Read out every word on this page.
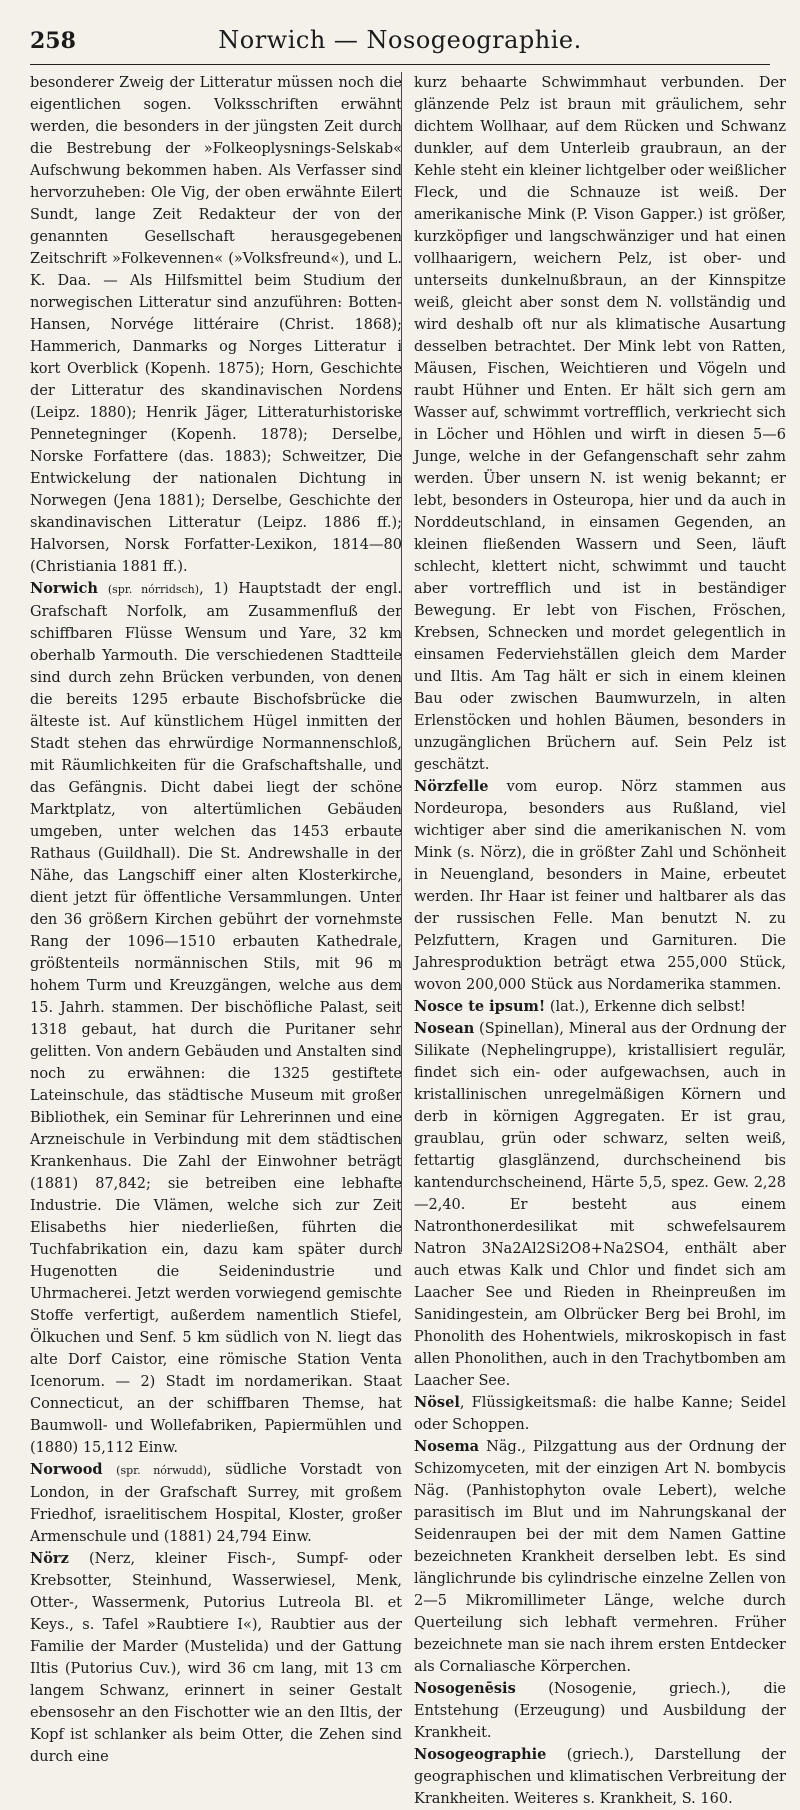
258	Norwich — Nosogeographie.

besonderer Zweig der Litteratur müssen noch die eigentlichen sogen. Volksschriften erwähnt werden, die besonders in der jüngsten Zeit durch die Bestrebung der »Folkeoplysnings-Selskab« Aufschwung bekommen haben. Als Verfasser sind hervorzuheben: Ole Vig, der oben erwähnte Eilert Sundt, lange Zeit Redakteur der von der genannten Gesellschaft herausgegebenen Zeitschrift »Folkevennen« (»Volksfreund«), und L. K. Daa. — Als Hilfsmittel beim Studium der norwegischen Litteratur sind anzuführen: Botten-Hansen, Norvége littéraire (Christ. 1868); Hammerich, Danmarks og Norges Litteratur i kort Overblick (Kopenh. 1875); Horn, Geschichte der Litteratur des skandinavischen Nordens (Leipz. 1880); Henrik Jäger, Litteraturhistoriske Pennetegninger (Kopenh. 1878); Derselbe, Norske Forfattere (das. 1883); Schweitzer, Die Entwickelung der nationalen Dichtung in Norwegen (Jena 1881); Derselbe, Geschichte der skandinavischen Litteratur (Leipz. 1886 ff.); Halvorsen, Norsk Forfatter-Lexikon, 1814—80 (Christiania 1881 ff.).

Norwich (spr. nórridsch), 1) Hauptstadt der engl. Grafschaft Norfolk, am Zusammenfluß der schiffbaren Flüsse Wensum und Yare, 32 km oberhalb Yarmouth. Die verschiedenen Stadtteile sind durch zehn Brücken verbunden, von denen die bereits 1295 erbaute Bischofsbrücke die älteste ist. Auf künstlichem Hügel inmitten der Stadt stehen das ehrwürdige Normannenschloß, mit Räumlichkeiten für die Grafschaftshalle, und das Gefängnis. Dicht dabei liegt der schöne Marktplatz, von altertümlichen Gebäuden umgeben, unter welchen das 1453 erbaute Rathaus (Guildhall). Die St. Andrewshalle in der Nähe, das Langschiff einer alten Klosterkirche, dient jetzt für öffentliche Versammlungen. Unter den 36 größern Kirchen gebührt der vornehmste Rang der 1096—1510 erbauten Kathedrale, größtenteils normännischen Stils, mit 96 m hohem Turm und Kreuzgängen, welche aus dem 15. Jahrh. stammen. Der bischöfliche Palast, seit 1318 gebaut, hat durch die Puritaner sehr gelitten. Von andern Gebäuden und Anstalten sind noch zu erwähnen: die 1325 gestiftete Lateinschule, das städtische Museum mit großer Bibliothek, ein Seminar für Lehrerinnen und eine Arzneischule in Verbindung mit dem städtischen Krankenhaus. Die Zahl der Einwohner beträgt (1881) 87,842; sie betreiben eine lebhafte Industrie. Die Vlämen, welche sich zur Zeit Elisabeths hier niederließen, führten die Tuchfabrikation ein, dazu kam später durch Hugenotten die Seidenindustrie und Uhrmacherei. Jetzt werden vorwiegend gemischte Stoffe verfertigt, außerdem namentlich Stiefel, Ölkuchen und Senf. 5 km südlich von N. liegt das alte Dorf Caistor, eine römische Station Venta Icenorum. — 2) Stadt im nordamerikan. Staat Connecticut, an der schiffbaren Themse, hat Baumwoll- und Wollefabriken, Papiermühlen und (1880) 15,112 Einw.

Norwood (spr. nórwudd), südliche Vorstadt von London, in der Grafschaft Surrey, mit großem Friedhof, israelitischem Hospital, Kloster, großer Armenschule und (1881) 24,794 Einw.

Nörz (Nerz, kleiner Fisch-, Sumpf- oder Krebsotter, Steinhund, Wasserwiesel, Menk, Otter-, Wassermenk, Putorius Lutreola Bl. et Keys., s. Tafel »Raubtiere I«), Raubtier aus der Familie der Marder (Mustelida) und der Gattung Iltis (Putorius Cuv.), wird 36 cm lang, mit 13 cm langem Schwanz, erinnert in seiner Gestalt ebensosehr an den Fischotter wie an den Iltis, der Kopf ist schlanker als beim Otter, die Zehen sind durch eine

kurz behaarte Schwimmhaut verbunden. Der glänzende Pelz ist braun mit gräulichem, sehr dichtem Wollhaar, auf dem Rücken und Schwanz dunkler, auf dem Unterleib graubraun, an der Kehle steht ein kleiner lichtgelber oder weißlicher Fleck, und die Schnauze ist weiß. Der amerikanische Mink (P. Vison Gapper.) ist größer, kurzköpfiger und langschwänziger und hat einen vollhaarigern, weichern Pelz, ist ober- und unterseits dunkelnußbraun, an der Kinnspitze weiß, gleicht aber sonst dem N. vollständig und wird deshalb oft nur als klimatische Ausartung desselben betrachtet. Der Mink lebt von Ratten, Mäusen, Fischen, Weichtieren und Vögeln und raubt Hühner und Enten. Er hält sich gern am Wasser auf, schwimmt vortrefflich, verkriecht sich in Löcher und Höhlen und wirft in diesen 5—6 Junge, welche in der Gefangenschaft sehr zahm werden. Über unsern N. ist wenig bekannt; er lebt, besonders in Osteuropa, hier und da auch in Norddeutschland, in einsamen Gegenden, an kleinen fließenden Wassern und Seen, läuft schlecht, klettert nicht, schwimmt und taucht aber vortrefflich und ist in beständiger Bewegung. Er lebt von Fischen, Fröschen, Krebsen, Schnecken und mordet gelegentlich in einsamen Federviehställen gleich dem Marder und Iltis. Am Tag hält er sich in einem kleinen Bau oder zwischen Baumwurzeln, in alten Erlenstöcken und hohlen Bäumen, besonders in unzugänglichen Brüchern auf. Sein Pelz ist geschätzt.

Nörzfelle vom europ. Nörz stammen aus Nordeuropa, besonders aus Rußland, viel wichtiger aber sind die amerikanischen N. vom Mink (s. Nörz), die in größter Zahl und Schönheit in Neuengland, besonders in Maine, erbeutet werden. Ihr Haar ist feiner und haltbarer als das der russischen Felle. Man benutzt N. zu Pelzfuttern, Kragen und Garnituren. Die Jahresproduktion beträgt etwa 255,000 Stück, wovon 200,000 Stück aus Nordamerika stammen.

Nosce te ipsum! (lat.), Erkenne dich selbst!

Nosean (Spinellan), Mineral aus der Ordnung der Silikate (Nephelingruppe), kristallisiert regulär, findet sich ein- oder aufgewachsen, auch in kristallinischen unregelmäßigen Körnern und derb in körnigen Aggregaten. Er ist grau, graublau, grün oder schwarz, selten weiß, fettartig glasglänzend, durchscheinend bis kantendurchscheinend, Härte 5,5, spez. Gew. 2,28—2,40. Er besteht aus einem Natronthonerdesilikat mit schwefelsaurem Natron 3Na2Al2Si2O8+Na2SO4, enthält aber auch etwas Kalk und Chlor und findet sich am Laacher See und Rieden in Rheinpreußen im Sanidingestein, am Olbrücker Berg bei Brohl, im Phonolith des Hohentwiels, mikroskopisch in fast allen Phonolithen, auch in den Trachytbomben am Laacher See.

Nösel, Flüssigkeitsmaß: die halbe Kanne; Seidel oder Schoppen.

Nosema Näg., Pilzgattung aus der Ordnung der Schizomyceten, mit der einzigen Art N. bombycis Näg. (Panhistophyton ovale Lebert), welche parasitisch im Blut und im Nahrungskanal der Seidenraupen bei der mit dem Namen Gattine bezeichneten Krankheit derselben lebt. Es sind länglichrunde bis cylindrische einzelne Zellen von 2—5 Mikromillimeter Länge, welche durch Querteilung sich lebhaft vermehren. Früher bezeichnete man sie nach ihrem ersten Entdecker als Cornaliasche Körperchen.

Nosogenēsis (Nosogenie, griech.), die Entstehung (Erzeugung) und Ausbildung der Krankheit.

Nosogeographie (griech.), Darstellung der geographischen und klimatischen Verbreitung der Krankheiten. Weiteres s. Krankheit, S. 160.
